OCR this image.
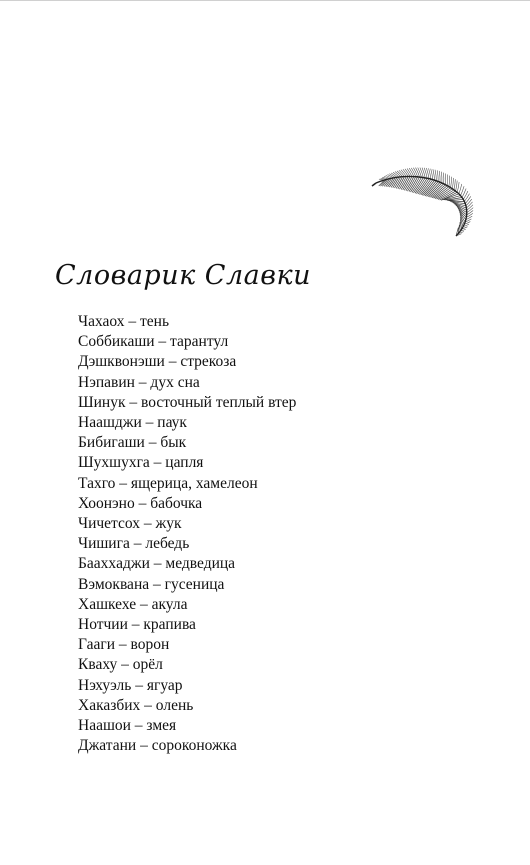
Словарик Славки
Чахаох – тень
Соббикаши – тарантул
Дэшквонэши – стрекоза
Нэпавин – дух сна
Шинук – восточный теплый втер
Наашджи – паук
Бибигаши – бык
Шухшухга – цапля
Тахго – ящерица, хамелеон
Хоонэно – бабочка
Чичетсох – жук
Чишига – лебедь
Баахxаджи – медведица
Вэмоквана – гусеница
Хашкехе – акула
Нотчии – крапива
Гааги – ворон
Кваху – орёл
Нэхуэль – ягуар
Хаказбих – олень
Наашои – змея
Джатани – сороконожка
